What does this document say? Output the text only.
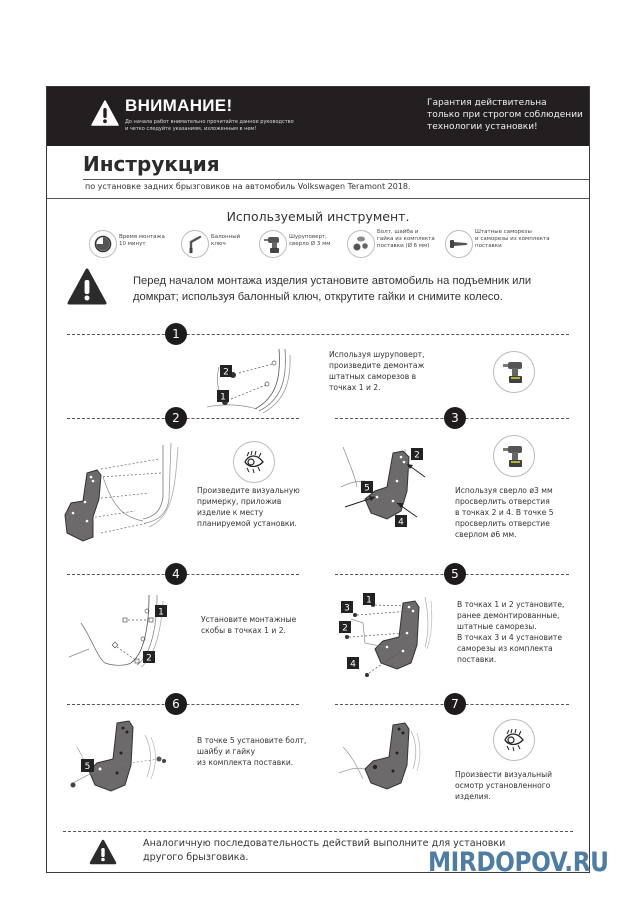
ВНИМАНИЕ!
До начала работ внимательно прочитайте данное руководство
и четко следуйте указаниям, изложенным в нем!
Гарантия действительна
только при строгом соблюдении
технологии установки!
Инструкция
по установке задних брызговиков на автомобиль Volkswagen Teramont 2018.
Используемый инструмент.
Время монтажа
10 минут
Балонный
ключ
Шуруповерт,
сверло Ø 3 мм
Болт, шайба и
гайка из комплекта
поставки (Ø 6 мм)
Штатные саморезы
и саморезы из комплекта
поставки
Перед началом монтажа изделия установите автомобиль на подъемник или
домкрат; используя балонный ключ, открутите гайки и снимите колесо.
1
2
1
Используя шуруповерт,
произведите демонтаж
штатных саморезов в
точках 1 и 2.
2	3
Произведите визуальную
примерку, приложив
изделие к месту
планируемой установки.
2
5
4
Используя сверло ø3 мм
просверлить отверстия
в точках 2 и 4. В точке 5
просверлить отверстие
сверлом ø6 мм.
4	5
1
2
Установите монтажные
скобы в точках 1 и 2.
1
3
2
4
В точках 1 и 2 установите,
ранее демонтированные,
штатные саморезы.
В точках 3 и 4 установите
саморезы из комплекта
поставки.
6	7
5
В точке 5 установите болт,
шайбу и гайку
из комплекта поставки.
Произвести визуальный
осмотр установленного
изделия.
Аналогичную последовательность действий выполните для установки
другого брызговика.	MIRDOPOV.RU
